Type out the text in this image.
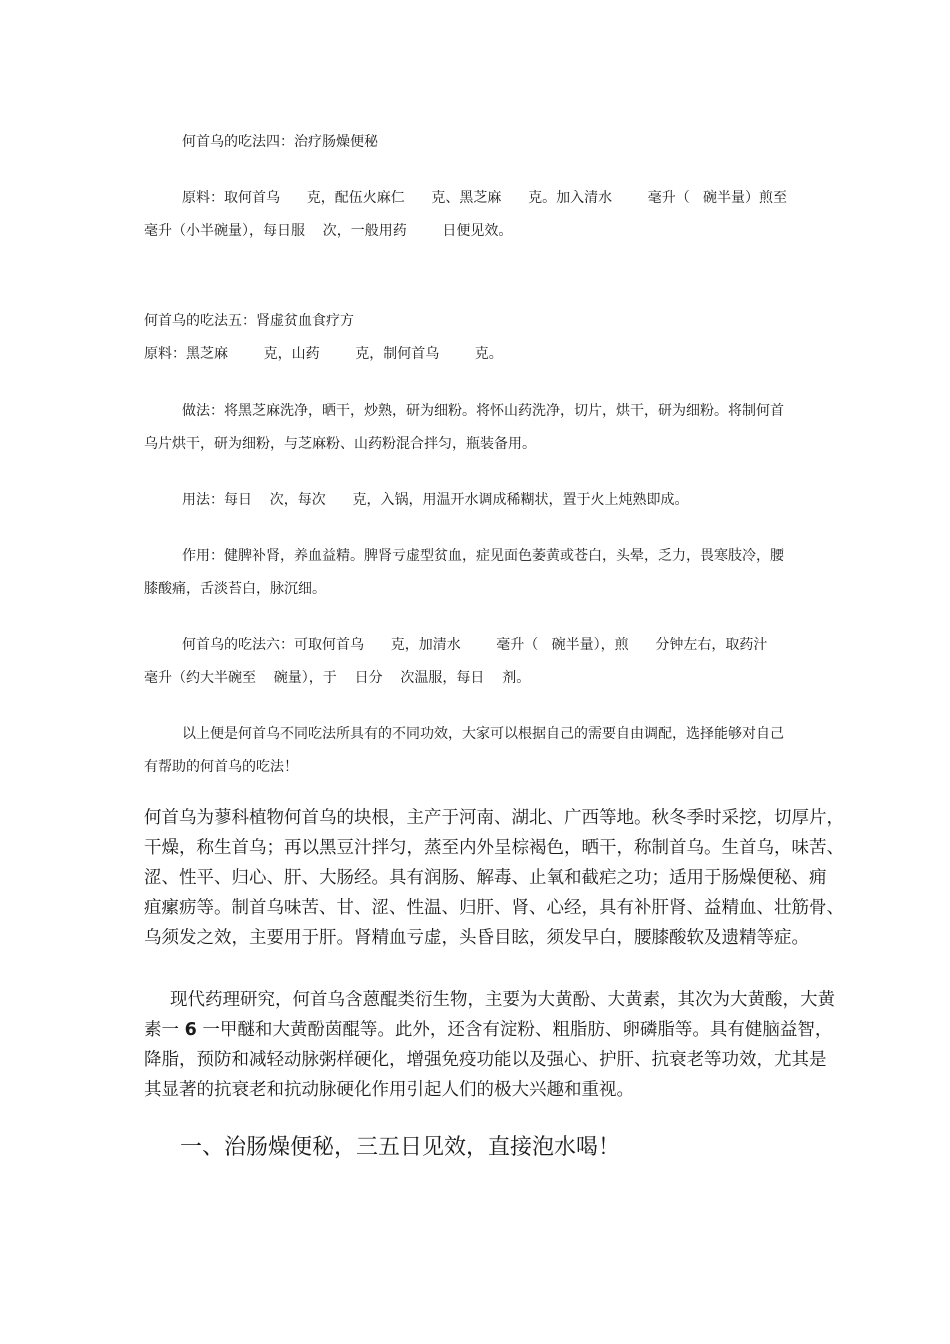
何首乌的吃法四：治疗肠燥便秘

原料：取何首乌      克，配伍火麻仁      克、黑芝麻      克。加入清水        毫升（   碗半量）煎至

毫升（小半碗量），每日服    次，一般用药        日便见效。

何首乌的吃法五：肾虚贫血食疗方

原料：黑芝麻        克，山药        克，制何首乌        克。

做法：将黑芝麻洗净，晒干，炒熟，研为细粉。将怀山药洗净，切片，烘干，研为细粉。将制何首

乌片烘干，研为细粉，与芝麻粉、山药粉混合拌匀，瓶装备用。

用法：每日    次，每次      克，入锅，用温开水调成稀糊状，置于火上炖熟即成。

作用：健脾补肾，养血益精。脾肾亏虚型贫血，症见面色萎黄或苍白，头晕，乏力，畏寒肢冷，腰

膝酸痛，舌淡苔白，脉沉细。

何首乌的吃法六：可取何首乌      克，加清水        毫升（   碗半量），煎      分钟左右，取药汁

毫升（约大半碗至    碗量），于    日分    次温服，每日    剂。

以上便是何首乌不同吃法所具有的不同功效，大家可以根据自己的需要自由调配，选择能够对自己

有帮助的何首乌的吃法！

何首乌为蓼科植物何首乌的块根，主产于河南、湖北、广西等地。秋冬季时采挖，切厚片，

干燥，称生首乌；再以黑豆汁拌匀，蒸至内外呈棕褐色，晒干，称制首乌。生首乌，味苦、

涩、性平、归心、肝、大肠经。具有润肠、解毒、止氧和截疟之功；适用于肠燥便秘、痈

疽瘰疬等。制首乌味苦、甘、涩、性温、归肝、肾、心经，具有补肝肾、益精血、壮筋骨、

乌须发之效，主要用于肝。肾精血亏虚，头昏目眩，须发早白，腰膝酸软及遗精等症。

现代药理研究，何首乌含蒽醌类衍生物，主要为大黄酚、大黄素，其次为大黄酸，大黄

素一 6 一甲醚和大黄酚茵醌等。此外，还含有淀粉、粗脂肪、卵磷脂等。具有健脑益智，

降脂，预防和减轻动脉粥样硬化，增强免疫功能以及强心、护肝、抗衰老等功效，尤其是

其显著的抗衰老和抗动脉硬化作用引起人们的极大兴趣和重视。

一、治肠燥便秘，三五日见效，直接泡水喝！
